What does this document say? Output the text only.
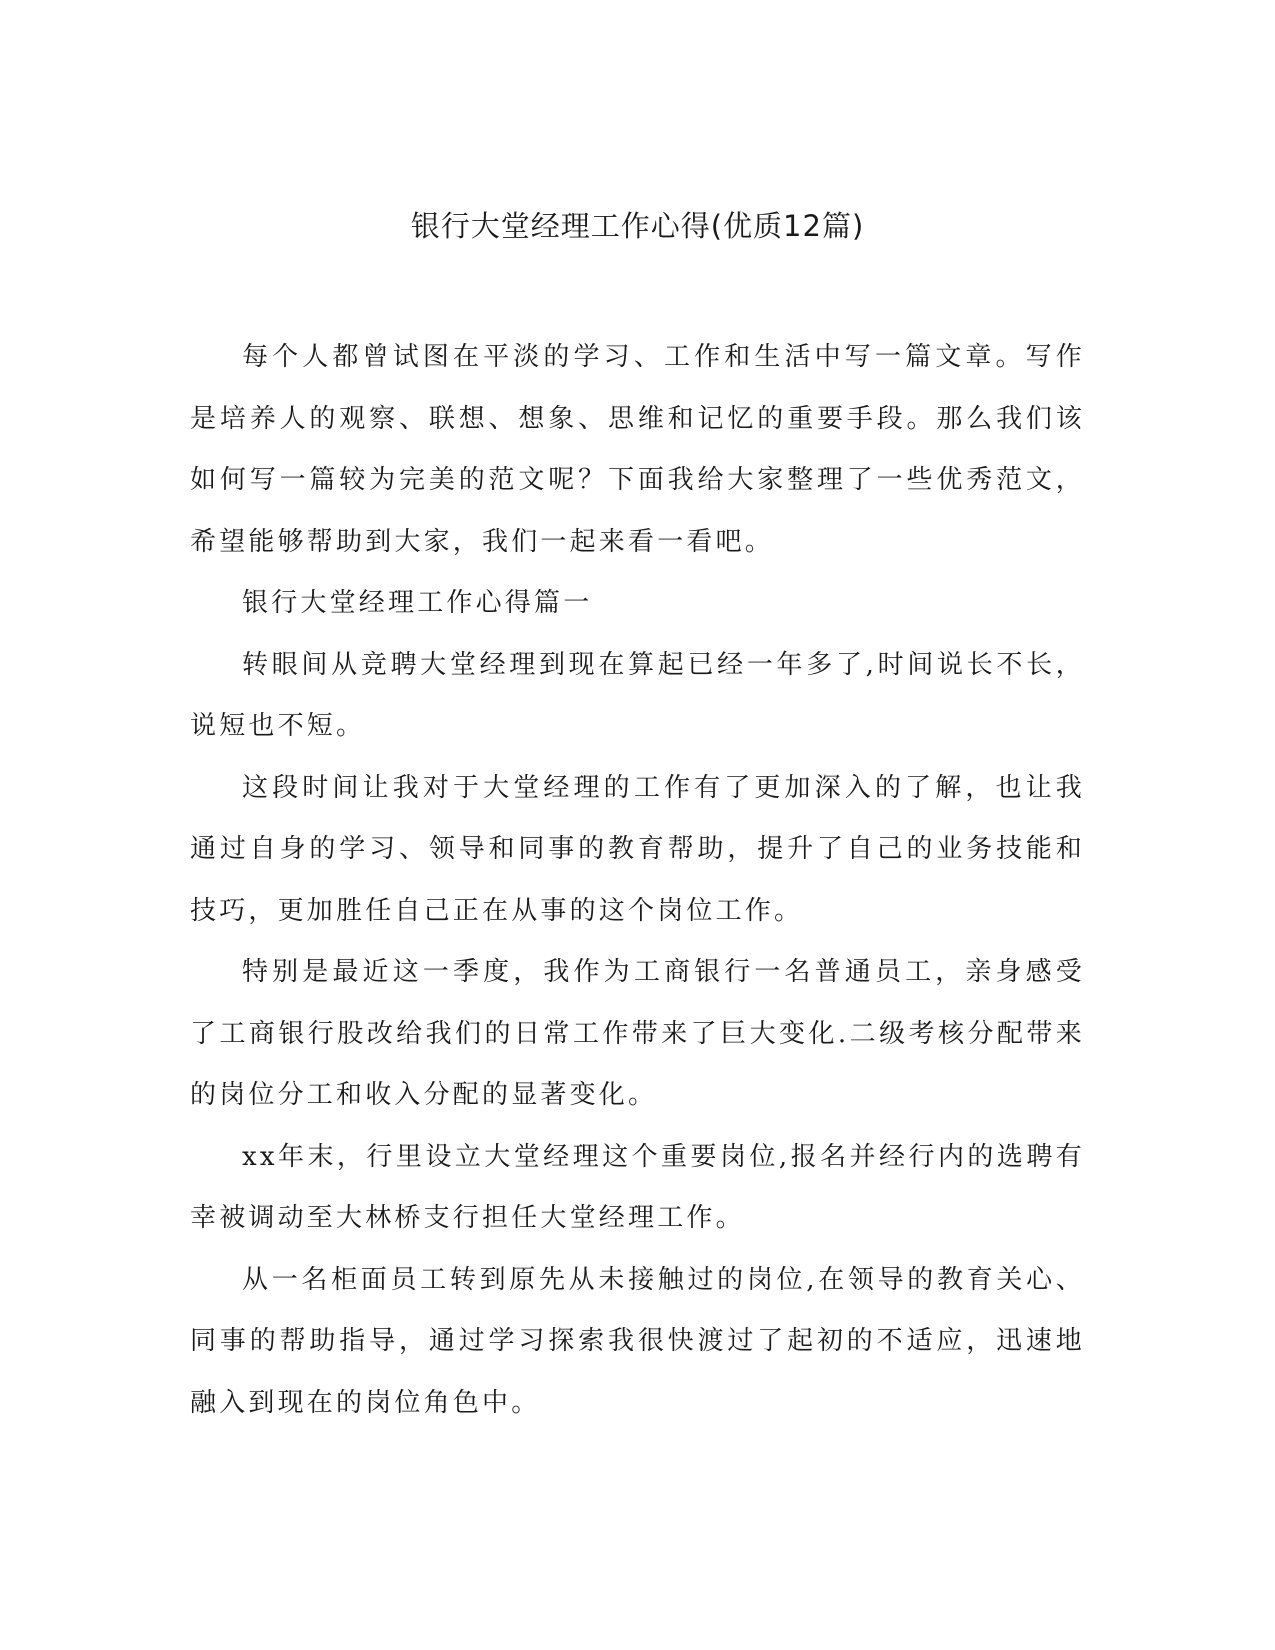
银行大堂经理工作心得(优质12篇)

每个人都曾试图在平淡的学习、工作和生活中写一篇文章。写作是培养人的观察、联想、想象、思维和记忆的重要手段。那么我们该如何写一篇较为完美的范文呢？下面我给大家整理了一些优秀范文，希望能够帮助到大家，我们一起来看一看吧。

银行大堂经理工作心得篇一

转眼间从竞聘大堂经理到现在算起已经一年多了,时间说长不长，说短也不短。

这段时间让我对于大堂经理的工作有了更加深入的了解，也让我通过自身的学习、领导和同事的教育帮助，提升了自己的业务技能和技巧，更加胜任自己正在从事的这个岗位工作。

特别是最近这一季度，我作为工商银行一名普通员工，亲身感受了工商银行股改给我们的日常工作带来了巨大变化.二级考核分配带来的岗位分工和收入分配的显著变化。

xx年末，行里设立大堂经理这个重要岗位,报名并经行内的选聘有幸被调动至大林桥支行担任大堂经理工作。

从一名柜面员工转到原先从未接触过的岗位,在领导的教育关心、同事的帮助指导，通过学习探索我很快渡过了起初的不适应，迅速地融入到现在的岗位角色中。
